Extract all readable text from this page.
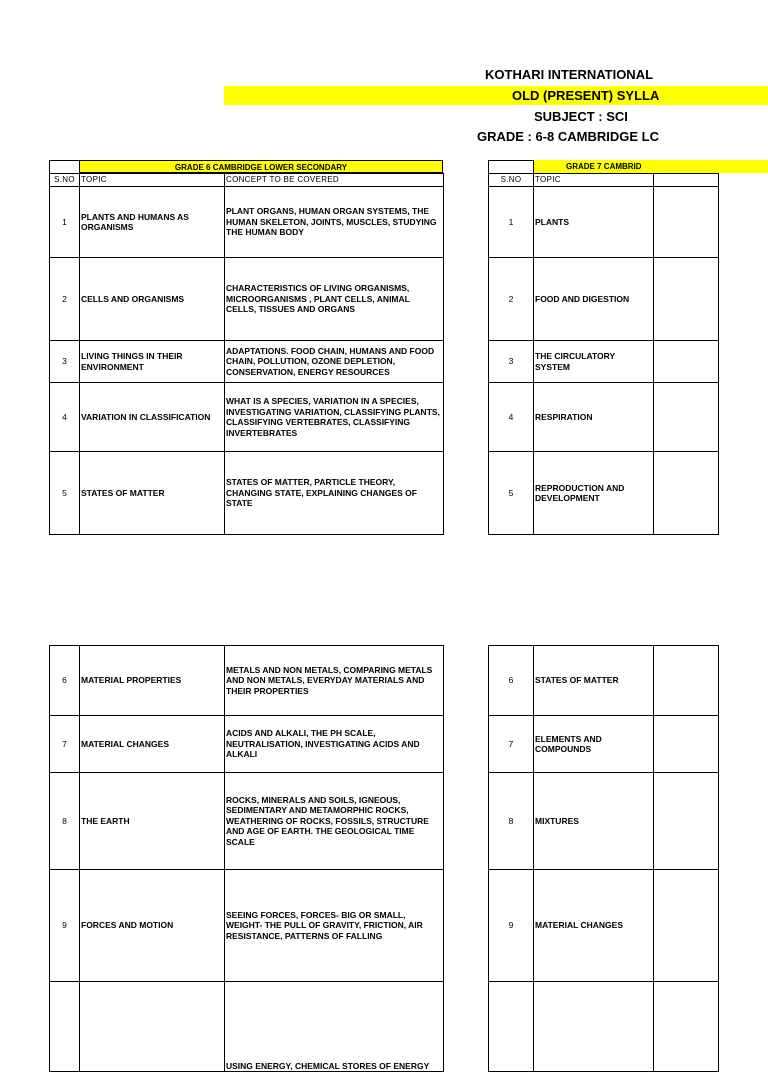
KOTHARI INTERNATIONAL
OLD (PRESENT) SYLLA
SUBJECT : SCI
GRADE : 6-8 CAMBRIDGE LC
GRADE 6 CAMBRIDGE LOWER SECONDARY	GRADE 7 CAMBRID

S.NO	TOPIC	CONCEPT TO BE COVERED
1	PLANTS AND HUMANS AS ORGANISMS	PLANT ORGANS, HUMAN ORGAN SYSTEMS, THE HUMAN SKELETON, JOINTS, MUSCLES, STUDYING THE HUMAN BODY
2	CELLS AND ORGANISMS	CHARACTERISTICS OF LIVING ORGANISMS, MICROORGANISMS , PLANT CELLS, ANIMAL CELLS, TISSUES AND ORGANS
3	LIVING THINGS IN THEIR ENVIRONMENT	ADAPTATIONS. FOOD CHAIN, HUMANS AND FOOD CHAIN, POLLUTION, OZONE DEPLETION, CONSERVATION, ENERGY RESOURCES
4	VARIATION IN CLASSIFICATION	WHAT IS A SPECIES, VARIATION IN A SPECIES, INVESTIGATING VARIATION, CLASSIFYING PLANTS, CLASSIFYING VERTEBRATES, CLASSIFYING INVERTEBRATES
5	STATES OF MATTER	STATES OF MATTER, PARTICLE THEORY, CHANGING STATE, EXPLAINING CHANGES OF STATE

S.NO	TOPIC	
1	PLANTS	
2	FOOD AND DIGESTION	
3	THE CIRCULATORY SYSTEM	
4	RESPIRATION	
5	REPRODUCTION AND DEVELOPMENT	
6	MATERIAL PROPERTIES	METALS AND NON METALS, COMPARING METALS AND NON METALS, EVERYDAY MATERIALS AND THEIR PROPERTIES
7	MATERIAL CHANGES	ACIDS AND ALKALI, THE PH SCALE, NEUTRALISATION, INVESTIGATING ACIDS AND ALKALI
8	THE EARTH	ROCKS, MINERALS AND SOILS, IGNEOUS, SEDIMENTARY AND METAMORPHIC ROCKS, WEATHERING OF ROCKS, FOSSILS, STRUCTURE AND AGE OF EARTH. THE GEOLOGICAL TIME SCALE
9	FORCES AND MOTION	SEEING FORCES, FORCES- BIG OR SMALL, WEIGHT- THE PULL OF GRAVITY, FRICTION, AIR RESISTANCE, PATTERNS OF FALLING
		USING ENERGY, CHEMICAL STORES OF ENERGY
6	STATES OF MATTER	
7	ELEMENTS AND COMPOUNDS	
8	MIXTURES	
9	MATERIAL CHANGES	
